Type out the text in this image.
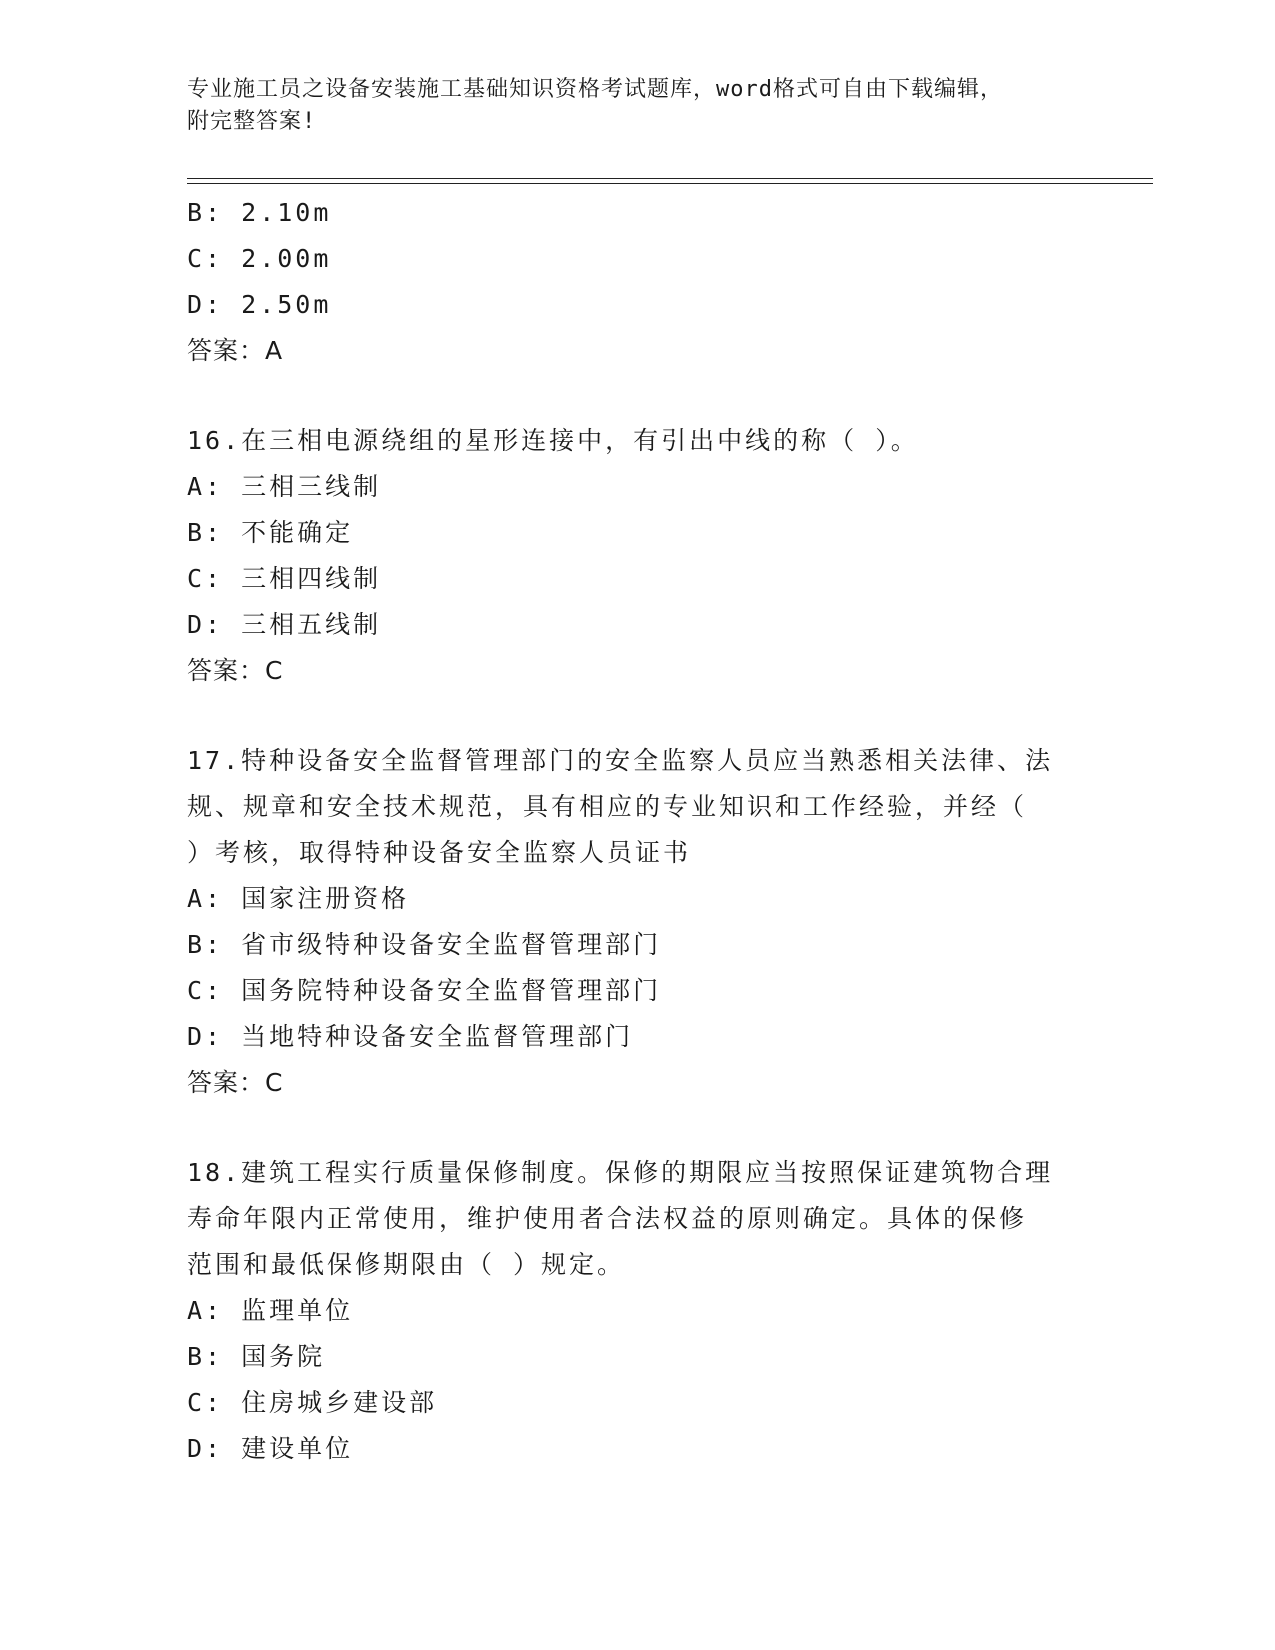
专业施工员之设备安装施工基础知识资格考试题库，word格式可自由下载编辑，
附完整答案!
B: 2.10m
C: 2.00m
D: 2.50m
答案：A
16.在三相电源绕组的星形连接中，有引出中线的称（ ）。
A: 三相三线制
B: 不能确定
C: 三相四线制
D: 三相五线制
答案：C
17.特种设备安全监督管理部门的安全监察人员应当熟悉相关法律、法
规、规章和安全技术规范，具有相应的专业知识和工作经验，并经（
）考核，取得特种设备安全监察人员证书
A: 国家注册资格
B: 省市级特种设备安全监督管理部门
C: 国务院特种设备安全监督管理部门
D: 当地特种设备安全监督管理部门
答案：C
18.建筑工程实行质量保修制度。保修的期限应当按照保证建筑物合理
寿命年限内正常使用，维护使用者合法权益的原则确定。具体的保修
范围和最低保修期限由（ ）规定。
A: 监理单位
B: 国务院
C: 住房城乡建设部
D: 建设单位
